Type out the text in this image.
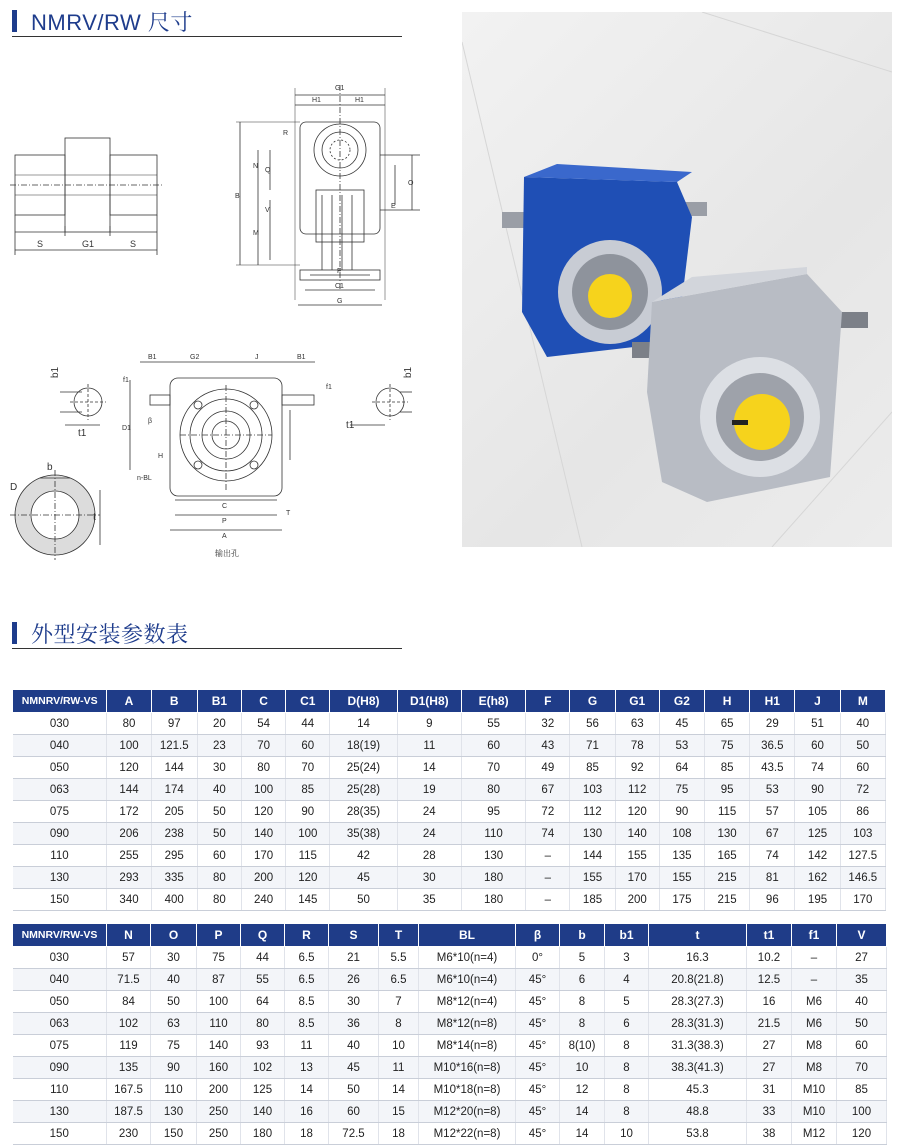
NMRV/RW 尺寸
S	G1	S
G1
H1	H1
R
N
Q
B
V
M
O
E
F
C1
G
b1
t1
B1	G2	J	B1
f1
f1
D1
β
H
n-BL
C
P
A
T
输出孔
b1
t1
b
D
t
外型安装参数表
NMNRV/RW-VS	A	B	B1	C	C1	D(H8)	D1(H8)	E(h8)	F	G	G1	G2	H	H1	J	M
030	80	97	20	54	44	14	9	55	32	56	63	45	65	29	51	40
040	100	121.5	23	70	60	18(19)	11	60	43	71	78	53	75	36.5	60	50
050	120	144	30	80	70	25(24)	14	70	49	85	92	64	85	43.5	74	60
063	144	174	40	100	85	25(28)	19	80	67	103	112	75	95	53	90	72
075	172	205	50	120	90	28(35)	24	95	72	112	120	90	115	57	105	86
090	206	238	50	140	100	35(38)	24	110	74	130	140	108	130	67	125	103
110	255	295	60	170	115	42	28	130	–	144	155	135	165	74	142	127.5
130	293	335	80	200	120	45	30	180	–	155	170	155	215	81	162	146.5
150	340	400	80	240	145	50	35	180	–	185	200	175	215	96	195	170
NMNRV/RW-VS	N	O	P	Q	R	S	T	BL	β	b	b1	t	t1	f1	V
030	57	30	75	44	6.5	21	5.5	M6*10(n=4)	0°	5	3	16.3	10.2	–	27
040	71.5	40	87	55	6.5	26	6.5	M6*10(n=4)	45°	6	4	20.8(21.8)	12.5	–	35
050	84	50	100	64	8.5	30	7	M8*12(n=4)	45°	8	5	28.3(27.3)	16	M6	40
063	102	63	110	80	8.5	36	8	M8*12(n=8)	45°	8	6	28.3(31.3)	21.5	M6	50
075	119	75	140	93	11	40	10	M8*14(n=8)	45°	8(10)	8	31.3(38.3)	27	M8	60
090	135	90	160	102	13	45	11	M10*16(n=8)	45°	10	8	38.3(41.3)	27	M8	70
110	167.5	110	200	125	14	50	14	M10*18(n=8)	45°	12	8	45.3	31	M10	85
130	187.5	130	250	140	16	60	15	M12*20(n=8)	45°	14	8	48.8	33	M10	100
150	230	150	250	180	18	72.5	18	M12*22(n=8)	45°	14	10	53.8	38	M12	120
